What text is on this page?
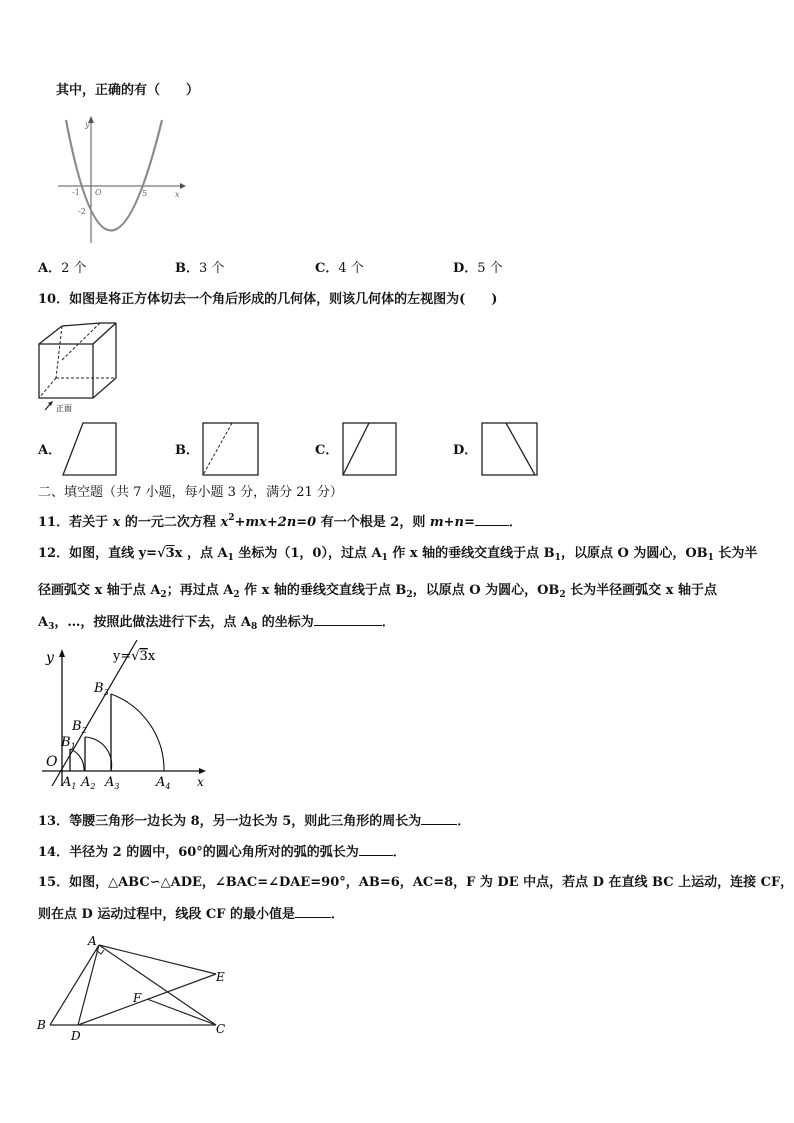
其中，正确的有（　　）
y
x
O
-1	5
-2
A．2 个	B．3 个	C．4 个	D．5 个
10．如图是将正方体切去一个角后形成的几何体，则该几何体的左视图为(　　)
正面
A．	B．	C．	D．
二、填空题（共 7 小题，每小题 3 分，满分 21 分）
11．若关于 x 的一元二次方程 $x^2+mx+2n=0$ 有一个根是 2，则 m+n=	．
12．如图，直线 y=√3x ，点 $A_1$ 坐标为（1，0），过点 $A_1$ 作 x 轴的垂线交直线于点 $B_1$，以原点 O 为圆心，$OB_1$ 长为半
径画弧交 x 轴于点 $A_2$；再过点 $A_2$ 作 x 轴的垂线交直线于点 $B_2$，以原点 O 为圆心，$OB_2$ 长为半径画弧交 x 轴于点
$A_3$，…，按照此做法进行下去，点 $A_8$ 的坐标为	．
y
x
y=√3x
O
$A_1$ $A_2$ $A_3$	$A_4$
$B_1$
$B_2$
$B_3$
13．等腰三角形一边长为 8，另一边长为 5，则此三角形的周长为	．
14．半径为 2 的圆中，60°的圆心角所对的弧的弧长为	．
15．如图，△ABC∽△ADE，∠BAC=∠DAE=90°，AB=6，AC=8，F 为 DE 中点，若点 D 在直线 BC 上运动，连接 CF，
则在点 D 运动过程中，线段 CF 的最小值是	．
A
B	C
D
E
F
